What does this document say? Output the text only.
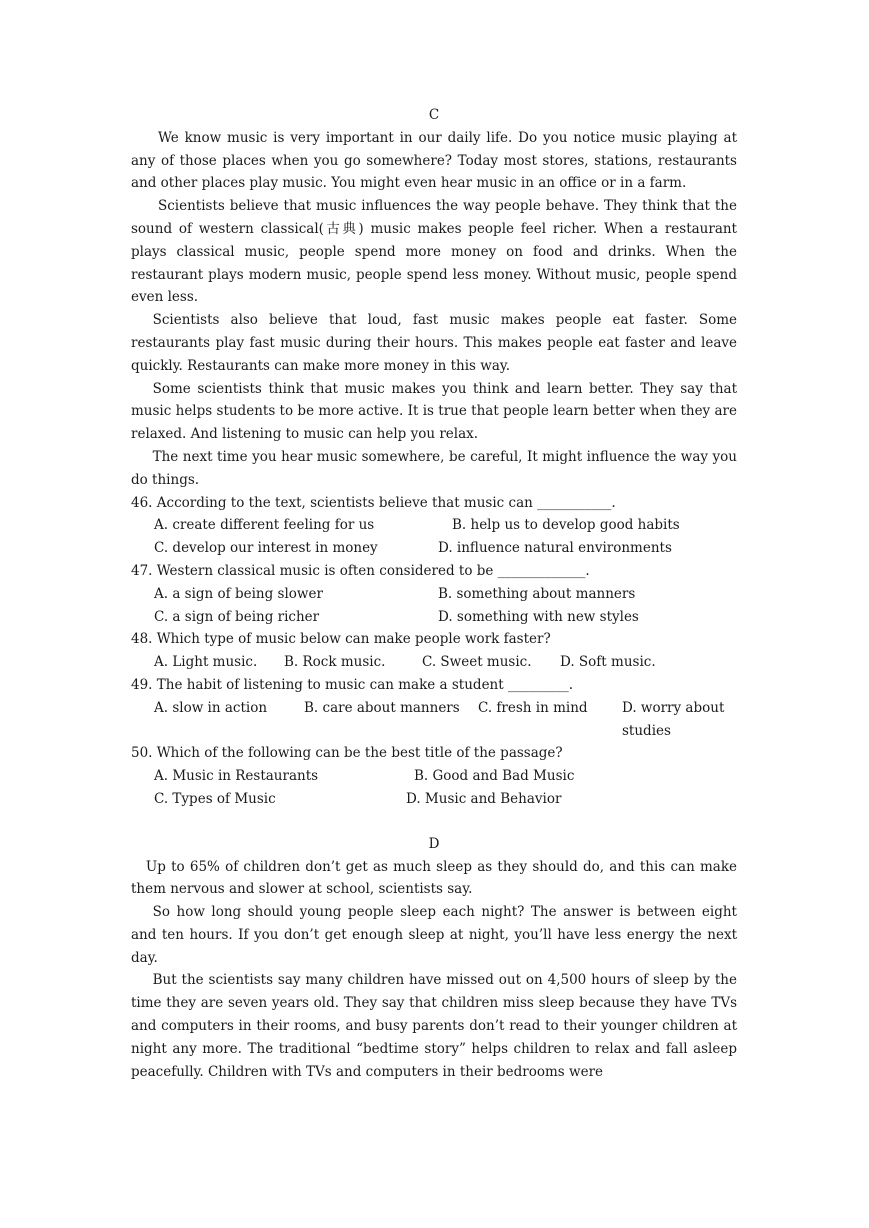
C

We know music is very important in our daily life. Do you notice music playing at any of those places when you go somewhere? Today most stores, stations, restaurants and other places play music. You might even hear music in an office or in a farm.

Scientists believe that music influences the way people behave. They think that the sound of western classical(古典) music makes people feel richer. When a restaurant plays classical music, people spend more money on food and drinks. When the restaurant plays modern music, people spend less money. Without music, people spend even less.

Scientists also believe that loud, fast music makes people eat faster. Some restaurants play fast music during their hours. This makes people eat faster and leave quickly. Restaurants can make more money in this way.

Some scientists think that music makes you think and learn better. They say that music helps students to be more active. It is true that people learn better when they are relaxed. And listening to music can help you relax.

The next time you hear music somewhere, be careful, It might influence the way you do things.

46. According to the text, scientists believe that music can ___________.
A. create different feeling for us	B. help us to develop good habits
C. develop our interest in money	D. influence natural environments
47. Western classical music is often considered to be _____________.
A. a sign of being slower	B. something about manners
C. a sign of being richer	D. something with new styles
48. Which type of music below can make people work faster?
A. Light music. B. Rock music.	C. Sweet music. D. Soft music.
49. The habit of listening to music can make a student _________.
A. slow in action	B. care about manners C. fresh in mind	D. worry about studies
50. Which of the following can be the best title of the passage?
A. Music in Restaurants	B. Good and Bad Music
C. Types of Music	D. Music and Behavior
D

Up to 65% of children don’t get as much sleep as they should do, and this can make them nervous and slower at school, scientists say.

So how long should young people sleep each night? The answer is between eight and ten hours. If you don’t get enough sleep at night, you’ll have less energy the next day.

But the scientists say many children have missed out on 4,500 hours of sleep by the time they are seven years old. They say that children miss sleep because they have TVs and computers in their rooms, and busy parents don’t read to their younger children at night any more. The traditional “bedtime story” helps children to relax and fall asleep peacefully. Children with TVs and computers in their bedrooms were
